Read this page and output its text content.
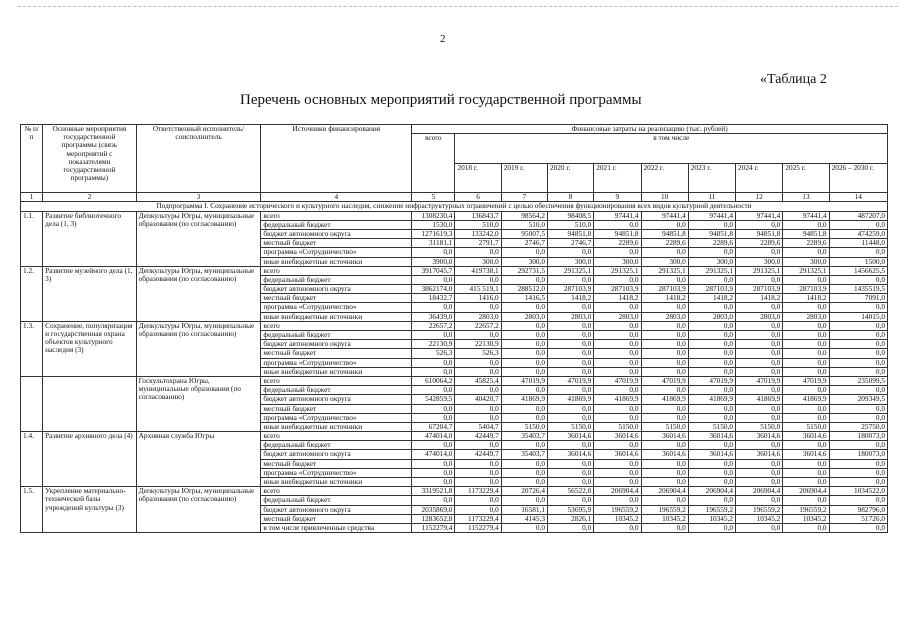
2
«Таблица 2
Перечень основных мероприятий государственной программы
№ п/п	Основные мероприятия государственной программы (связь мероприятий с показателями государственной программы)	Ответственный исполнитель/соисполнитель	Источники финансирования	Финансовые затраты на реализацию (тыс. рублей)									
				всего	в том числе								
					2018 г.	2019 г.	2020 г.	2021 г.	2022 г.	2023 г.	2024 г.	2025 г.	2026 – 2030 г.
1	2	3	4	5	6	7	8	9	10	11	12	13	14
Подпрограмма I. Сохранение исторического и культурного наследия, снижение инфраструктурных ограничений с целью обеспечения функционирования всех видов культурной деятельности													
1.1.	Развитие библиотечного дела (1, 3)	Депкультуры Югры, муниципальные образования (по согласованию)	всего	1308230,4	136843,7	98564,2	98408,5	97441,4	97441,4	97441,4	97441,4	97441,4	487207,0
			федеральный бюджет	1530,0	510,0	510,0	510,0	0,0	0,0	0,0	0,0	0,0	0,0
			бюджет автономного округа	1271619,3	133242,0	95007,5	94851,8	94851,8	94851,8	94851,8	94851,8	94851,8	474259,0
			местный бюджет	31181,1	2791,7	2746,7	2746,7	2289,6	2289,6	2289,6	2289,6	2289,6	11448,0
			программа «Сотрудничество»	0,0	0,0	0,0	0,0	0,0	0,0	0,0	0,0	0,0	0,0
			иные внебюджетные источники	3900,0	300,0	300,0	300,0	300,0	300,0	300,0	300,0	300,0	1500,0
1.2.	Развитие музейного дела (1, 3)	Депкультуры Югры, муниципальные образования (по согласованию)	всего	3917045,7	419738,1	292731,5	291325,1	291325,1	291325,1	291325,1	291325,1	291325,1	1456625,5
			федеральный бюджет	0,0	0,0	0,0	0,0	0,0	0,0	0,0	0,0	0,0	0,0
			бюджет автономного округа	3862174,0	415 519,1	288512,0	287103,9	287103,9	287103,9	287103,9	287103,9	287103,9	1435519,5
			местный бюджет	18432,7	1416,0	1416,5	1418,2	1418,2	1418,2	1418,2	1418,2	1418,2	7091,0
			программа «Сотрудничество»	0,0	0,0	0,0	0,0	0,0	0,0	0,0	0,0	0,0	0,0
			иные внебюджетные источники	36439,0	2803,0	2803,0	2803,0	2803,0	2803,0	2803,0	2803,0	2803,0	14015,0
1.3.	Сохранение, популяризация и государственная охрана объектов культурного наследия (3)	Депкультуры Югры, муниципальные образования (по согласованию)	всего	22657,2	22657,2	0,0	0,0	0,0	0,0	0,0	0,0	0,0	0,0
			федеральный бюджет	0,0	0,0	0,0	0,0	0,0	0,0	0,0	0,0	0,0	0,0
			бюджет автономного округа	22130,9	22130,9	0,0	0,0	0,0	0,0	0,0	0,0	0,0	0,0
			местный бюджет	526,3	526,3	0,0	0,0	0,0	0,0	0,0	0,0	0,0	0,0
			программа «Сотрудничество»	0,0	0,0	0,0	0,0	0,0	0,0	0,0	0,0	0,0	0,0
			иные внебюджетные источники	0,0	0,0	0,0	0,0	0,0	0,0	0,0	0,0	0,0	0,0
		Госкультохрана Югры, муниципальные образования (по согласованию)	всего	610064,2	45825,4	47019,9	47019,9	47019,9	47019,9	47019,9	47019,9	47019,9	235099,5
			федеральный бюджет	0,0	0,0	0,0	0,0	0,0	0,0	0,0	0,0	0,0	0,0
			бюджет автономного округа	542859,5	40420,7	41869,9	41869,9	41869,9	41869,9	41869,9	41869,9	41869,9	209349,5
			местный бюджет	0,0	0,0	0,0	0,0	0,0	0,0	0,0	0,0	0,0	0,0
			программа «Сотрудничество»	0,0	0,0	0,0	0,0	0,0	0,0	0,0	0,0	0,0	0,0
			иные внебюджетные источники	67204,7	5404,7	5150,0	5150,0	5150,0	5150,0	5150,0	5150,0	5150,0	25750,0
1.4.	Развитие архивного дела (4)	Архивная служба Югры	всего	474014,0	42449,7	35403,7	36014,6	36014,6	36014,6	36014,6	36014,6	36014,6	180073,0
			федеральный бюджет	0,0	0,0	0,0	0,0	0,0	0,0	0,0	0,0	0,0	0,0
			бюджет автономного округа	474014,0	42449,7	35403,7	36014,6	36014,6	36014,6	36014,6	36014,6	36014,6	180073,0
			местный бюджет	0,0	0,0	0,0	0,0	0,0	0,0	0,0	0,0	0,0	0,0
			программа «Сотрудничество»	0,0	0,0	0,0	0,0	0,0	0,0	0,0	0,0	0,0	0,0
			иные внебюджетные источники	0,0	0,0	0,0	0,0	0,0	0,0	0,0	0,0	0,0	0,0
1.5.	Укрепление материально-технической базы учреждений культуры (3)	Депкультуры Югры, муниципальные образования (по согласованию)	всего	3319521,8	1173229,4	20726,4	56522,0	206904,4	206904,4	206904,4	206904,4	206904,4	1034522,0
			федеральный бюджет	0,0	0,0	0,0	0,0	0,0	0,0	0,0	0,0	0,0	0,0
			бюджет автономного округа	2035869,0	0,0	16581,1	53695,9	196559,2	196559,2	196559,2	196559,2	196559,2	982796,0
			местный бюджет	1283652,8	1173229,4	4145,3	2826,1	10345,2	10345,2	10345,2	10345,2	10345,2	51726,0
			в том числе привлеченные средства	1152279,4	1152279,4	0,0	0,0	0,0	0,0	0,0	0,0	0,0	0,0
